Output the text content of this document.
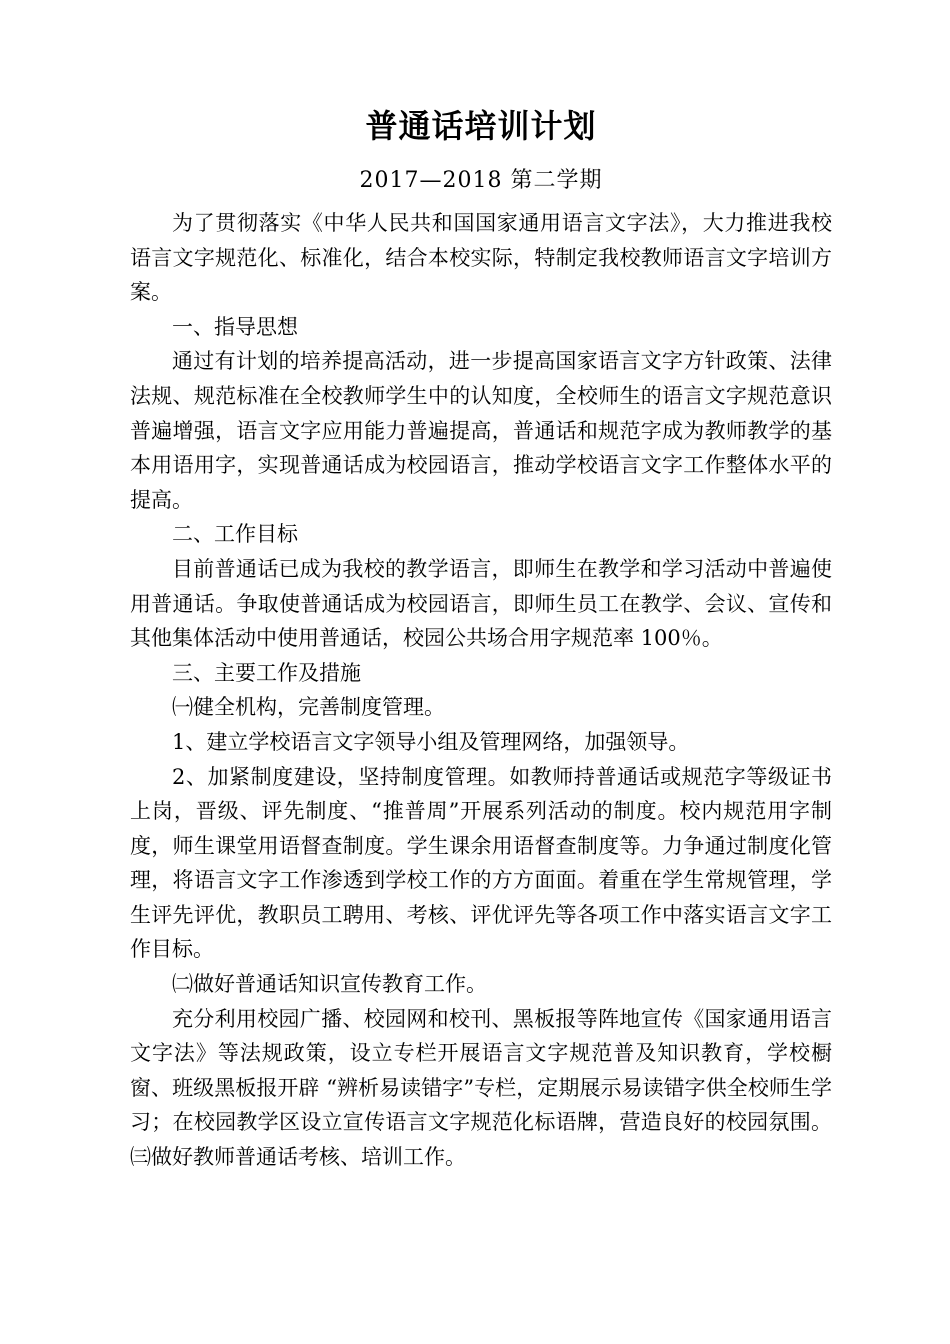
普通话培训计划
2017—2018 第二学期

为了贯彻落实《中华人民共和国国家通用语言文字法》，大力推进我校语言文字规范化、标准化，结合本校实际，特制定我校教师语言文字培训方案。

一、指导思想

通过有计划的培养提高活动，进一步提高国家语言文字方针政策、法律法规、规范标准在全校教师学生中的认知度，全校师生的语言文字规范意识普遍增强，语言文字应用能力普遍提高，普通话和规范字成为教师教学的基本用语用字，实现普通话成为校园语言，推动学校语言文字工作整体水平的提高。

二、工作目标

目前普通话已成为我校的教学语言，即师生在教学和学习活动中普遍使用普通话。争取使普通话成为校园语言，即师生员工在教学、会议、宣传和其他集体活动中使用普通话，校园公共场合用字规范率 100％。

三、主要工作及措施

㈠健全机构，完善制度管理。

1、建立学校语言文字领导小组及管理网络，加强领导。

2、加紧制度建设，坚持制度管理。如教师持普通话或规范字等级证书上岗，晋级、评先制度、“推普周”开展系列活动的制度。校内规范用字制度，师生课堂用语督查制度。学生课余用语督查制度等。力争通过制度化管理，将语言文字工作渗透到学校工作的方方面面。着重在学生常规管理，学生评先评优，教职员工聘用、考核、评优评先等各项工作中落实语言文字工作目标。

㈡做好普通话知识宣传教育工作。

充分利用校园广播、校园网和校刊、黑板报等阵地宣传《国家通用语言文字法》等法规政策，设立专栏开展语言文字规范普及知识教育，学校橱窗、班级黑板报开辟 “辨析易读错字”专栏，定期展示易读错字供全校师生学习；在校园教学区设立宣传语言文字规范化标语牌，营造良好的校园氛围。 ㈢做好教师普通话考核、培训工作。
